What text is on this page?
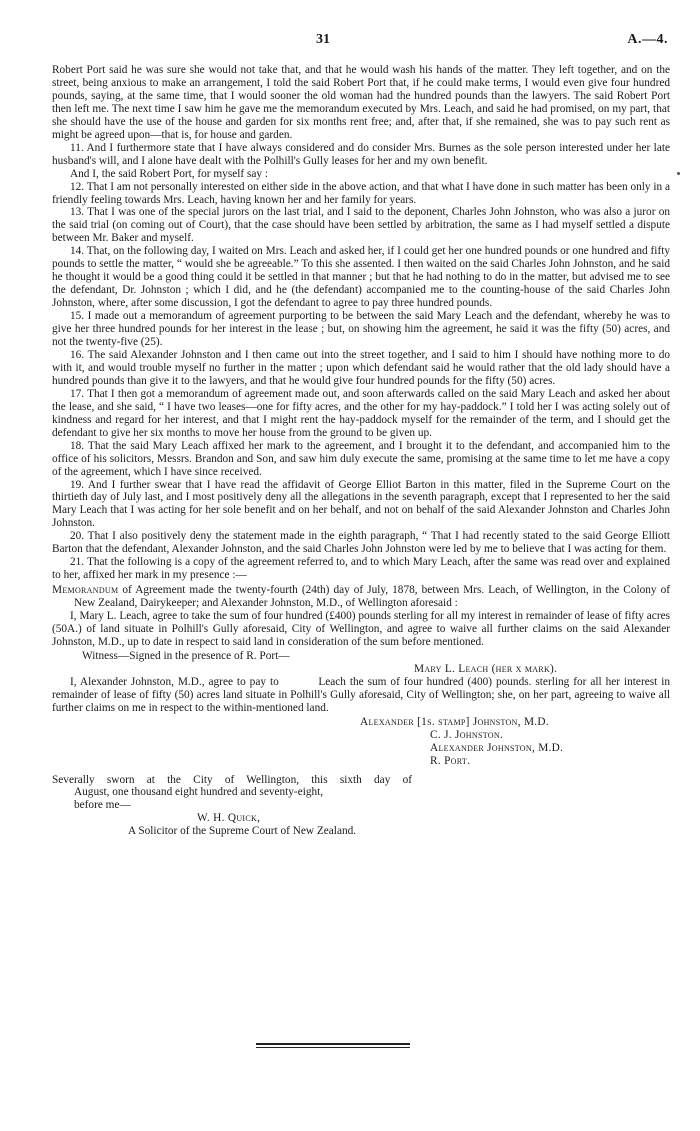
31	A.—4.

Robert Port said he was sure she would not take that, and that he would wash his hands of the matter. They left together, and on the street, being anxious to make an arrangement, I told the said Robert Port that, if he could make terms, I would even give four hundred pounds, saying, at the same time, that I would sooner the old woman had the hundred pounds than the lawyers. The said Robert Port then left me. The next time I saw him he gave me the memorandum executed by Mrs. Leach, and said he had promised, on my part, that she should have the use of the house and garden for six months rent free; and, after that, if she remained, she was to pay such rent as might be agreed upon—that is, for house and garden.

11. And I furthermore state that I have always considered and do consider Mrs. Burnes as the sole person interested under her late husband's will, and I alone have dealt with the Polhill's Gully leases for her and my own benefit.

And I, the said Robert Port, for myself say :

12. That I am not personally interested on either side in the above action, and that what I have done in such matter has been only in a friendly feeling towards Mrs. Leach, having known her and her family for years.

13. That I was one of the special jurors on the last trial, and I said to the deponent, Charles John Johnston, who was also a juror on the said trial (on coming out of Court), that the case should have been settled by arbitration, the same as I had myself settled a dispute between Mr. Baker and myself.

14. That, on the following day, I waited on Mrs. Leach and asked her, if I could get her one hundred pounds or one hundred and fifty pounds to settle the matter, “ would she be agreeable.” To this she assented. I then waited on the said Charles John Johnston, and he said he thought it would be a good thing could it be settled in that manner ; but that he had nothing to do in the matter, but advised me to see the defendant, Dr. Johnston ; which I did, and he (the defendant) accompanied me to the counting-house of the said Charles John Johnston, where, after some discussion, I got the defendant to agree to pay three hundred pounds.

15. I made out a memorandum of agreement purporting to be between the said Mary Leach and the defendant, whereby he was to give her three hundred pounds for her interest in the lease ; but, on showing him the agreement, he said it was the fifty (50) acres, and not the twenty-five (25).

16. The said Alexander Johnston and I then came out into the street together, and I said to him I should have nothing more to do with it, and would trouble myself no further in the matter ; upon which defendant said he would rather that the old lady should have a hundred pounds than give it to the lawyers, and that he would give four hundred pounds for the fifty (50) acres.

17. That I then got a memorandum of agreement made out, and soon afterwards called on the said Mary Leach and asked her about the lease, and she said, “ I have two leases—one for fifty acres, and the other for my hay-paddock.” I told her I was acting solely out of kindness and regard for her interest, and that I might rent the hay-paddock myself for the remainder of the term, and I should get the defendant to give her six months to move her house from the ground to be given up.

18. That the said Mary Leach affixed her mark to the agreement, and I brought it to the defendant, and accompanied him to the office of his solicitors, Messrs. Brandon and Son, and saw him duly execute the same, promising at the same time to let me have a copy of the agreement, which I have since received.

19. And I further swear that I have read the affidavit of George Elliot Barton in this matter, filed in the Supreme Court on the thirtieth day of July last, and I most positively deny all the allegations in the seventh paragraph, except that I represented to her the said Mary Leach that I was acting for her sole benefit and on her behalf, and not on behalf of the said Alexander Johnston and Charles John Johnston.

20. That I also positively deny the statement made in the eighth paragraph, “ That I had recently stated to the said George Elliott Barton that the defendant, Alexander Johnston, and the said Charles John Johnston were led by me to believe that I was acting for them.

21. That the following is a copy of the agreement referred to, and to which Mary Leach, after the same was read over and explained to her, affixed her mark in my presence :—

Memorandum of Agreement made the twenty-fourth (24th) day of July, 1878, between Mrs. Leach, of Wellington, in the Colony of New Zealand, Dairykeeper; and Alexander Johnston, M.D., of Wellington aforesaid :

I, Mary L. Leach, agree to take the sum of four hundred (£400) pounds sterling for all my interest in remainder of lease of fifty acres (50A.) of land situate in Polhill's Gully aforesaid, City of Wellington, and agree to waive all further claims on the said Alexander Johnston, M.D., up to date in respect to said land in consideration of the sum before mentioned.

Witness—Signed in the presence of R. Port—
Mary L. Leach (her x mark).

I, Alexander Johnston, M.D., agree to pay to          Leach the sum of four hundred (400) pounds. sterling for all her interest in remainder of lease of fifty (50) acres land situate in Polhill's Gully aforesaid, City of Wellington; she, on her part, agreeing to waive all further claims on me in respect to the within-mentioned land.

Alexander [1s. stamp] Johnston, M.D.
C. J. Johnston.
Alexander Johnston, M.D.
R. Port.
Severally sworn at the City of Wellington, this sixth day of
August, one thousand eight hundred and seventy-eight,
before me—
W. H. Quick,
A Solicitor of the Supreme Court of New Zealand.
